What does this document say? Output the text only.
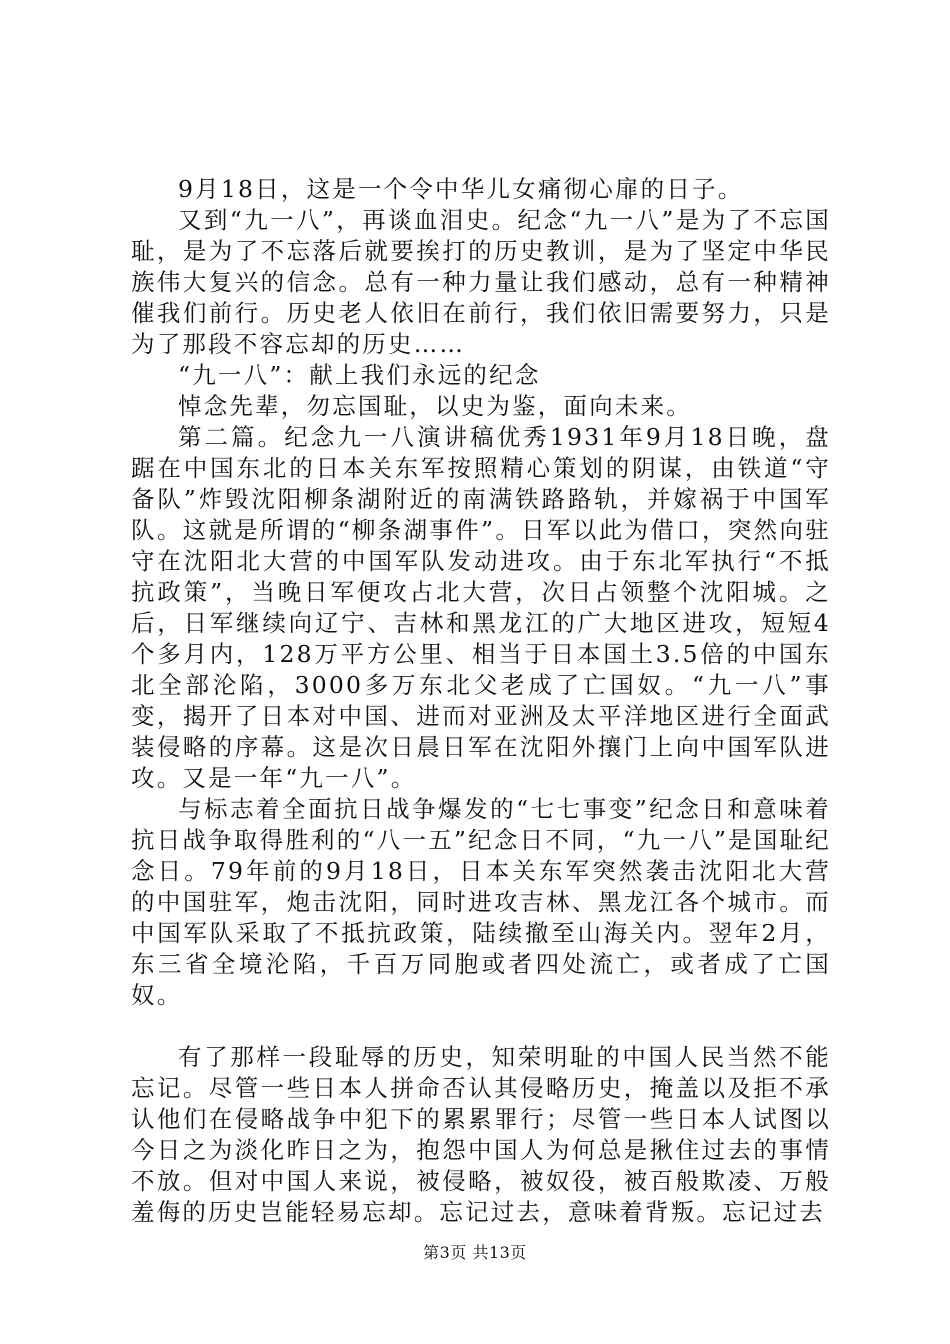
9月18日，这是一个令中华儿女痛彻心扉的日子。

又到“九一八”，再谈血泪史。纪念“九一八”是为了不忘国耻，是为了不忘落后就要挨打的历史教训，是为了坚定中华民族伟大复兴的信念。总有一种力量让我们感动，总有一种精神催我们前行。历史老人依旧在前行，我们依旧需要努力，只是为了那段不容忘却的历史……

“九一八”：献上我们永远的纪念

悼念先辈，勿忘国耻，以史为鉴，面向未来。

第二篇。纪念九一八演讲稿优秀1931年9月18日晚，盘踞在中国东北的日本关东军按照精心策划的阴谋，由铁道“守备队”炸毁沈阳柳条湖附近的南满铁路路轨，并嫁祸于中国军队。这就是所谓的“柳条湖事件”。日军以此为借口，突然向驻守在沈阳北大营的中国军队发动进攻。由于东北军执行“不抵抗政策”，当晚日军便攻占北大营，次日占领整个沈阳城。之后，日军继续向辽宁、吉林和黑龙江的广大地区进攻，短短4个多月内，128万平方公里、相当于日本国土3.5倍的中国东北全部沦陷，3000多万东北父老成了亡国奴。“九一八”事变，揭开了日本对中国、进而对亚洲及太平洋地区进行全面武装侵略的序幕。这是次日晨日军在沈阳外攘门上向中国军队进攻。又是一年“九一八”。

与标志着全面抗日战争爆发的“七七事变”纪念日和意味着抗日战争取得胜利的“八一五”纪念日不同，“九一八”是国耻纪念日。79年前的9月18日，日本关东军突然袭击沈阳北大营的中国驻军，炮击沈阳，同时进攻吉林、黑龙江各个城市。而中国军队采取了不抵抗政策，陆续撤至山海关内。翌年2月，东三省全境沦陷，千百万同胞或者四处流亡，或者成了亡国奴。

有了那样一段耻辱的历史，知荣明耻的中国人民当然不能忘记。尽管一些日本人拼命否认其侵略历史，掩盖以及拒不承认他们在侵略战争中犯下的累累罪行；尽管一些日本人试图以今日之为淡化昨日之为，抱怨中国人为何总是揪住过去的事情不放。但对中国人来说，被侵略，被奴役，被百般欺凌、万般羞侮的历史岂能轻易忘却。忘记过去，意味着背叛。忘记过去

第3页 共13页
